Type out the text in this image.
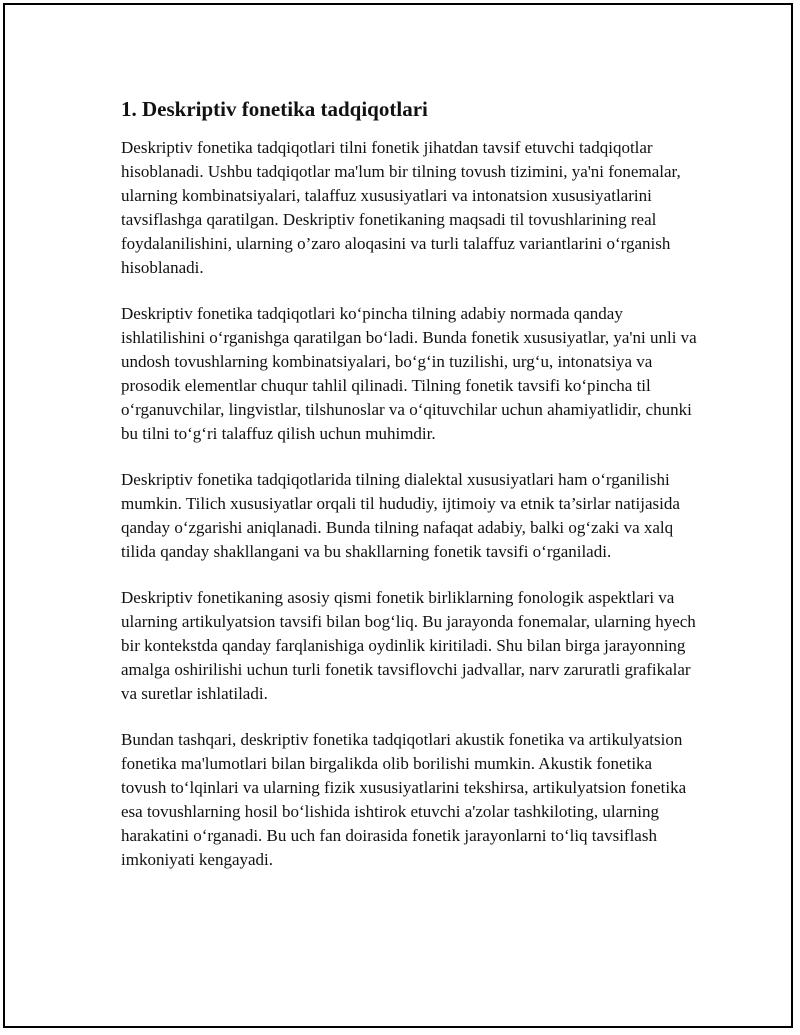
1. Deskriptiv fonetika tadqiqotlari

Deskriptiv fonetika tadqiqotlari tilni fonetik jihatdan tavsif etuvchi tadqiqotlar hisoblanadi. Ushbu tadqiqotlar ma'lum bir tilning tovush tizimini, ya'ni fonemalar, ularning kombinatsiyalari, talaffuz xususiyatlari va intonatsion xususiyatlarini tavsiflashga qaratilgan. Deskriptiv fonetikaning maqsadi til tovushlarining real foydalanilishini, ularning o’zaro aloqasini va turli talaffuz variantlarini o‘rganish hisoblanadi.

Deskriptiv fonetika tadqiqotlari ko‘pincha tilning adabiy normada qanday ishlatilishini o‘rganishga qaratilgan bo‘ladi. Bunda fonetik xususiyatlar, ya'ni unli va undosh tovushlarning kombinatsiyalari, bo‘g‘in tuzilishi, urg‘u, intonatsiya va prosodik elementlar chuqur tahlil qilinadi. Tilning fonetik tavsifi ko‘pincha til o‘rganuvchilar, lingvistlar, tilshunoslar va o‘qituvchilar uchun ahamiyatlidir, chunki bu tilni to‘g‘ri talaffuz qilish uchun muhimdir.

Deskriptiv fonetika tadqiqotlarida tilning dialektal xususiyatlari ham o‘rganilishi mumkin. Tilich xususiyatlar orqali til hududiy, ijtimoiy va etnik ta’sirlar natijasida qanday o‘zgarishi aniqlanadi. Bunda tilning nafaqat adabiy, balki og‘zaki va xalq tilida qanday shakllangani va bu shakllarning fonetik tavsifi o‘rganiladi.

Deskriptiv fonetikaning asosiy qismi fonetik birliklarning fonologik aspektlari va ularning artikulyatsion tavsifi bilan bog‘liq. Bu jarayonda fonemalar, ularning hyech bir kontekstda qanday farqlanishiga oydinlik kiritiladi. Shu bilan birga jarayonning amalga oshirilishi uchun turli fonetik tavsiflovchi jadvallar, narv zaruratli grafikalar va suretlar ishlatiladi.

Bundan tashqari, deskriptiv fonetika tadqiqotlari akustik fonetika va artikulyatsion fonetika ma'lumotlari bilan birgalikda olib borilishi mumkin. Akustik fonetika tovush to‘lqinlari va ularning fizik xususiyatlarini tekshirsa, artikulyatsion fonetika esa tovushlarning hosil bo‘lishida ishtirok etuvchi a'zolar tashkiloting, ularning harakatini o‘rganadi. Bu uch fan doirasida fonetik jarayonlarni to‘liq tavsiflash imkoniyati kengayadi.
